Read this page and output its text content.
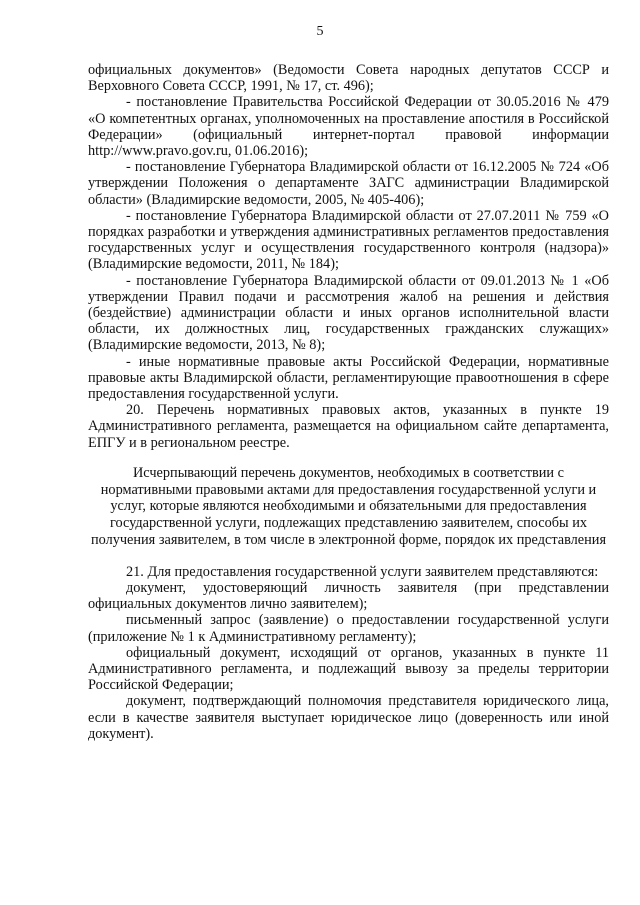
5

официальных документов» (Ведомости Совета народных депутатов СССР и Верховного Совета СССР, 1991, № 17, ст. 496);

- постановление Правительства Российской Федерации от 30.05.2016 № 479 «О компетентных органах, уполномоченных на проставление апостиля в Российской Федерации» (официальный интернет-портал правовой информации http://www.pravo.gov.ru, 01.06.2016);

- постановление Губернатора Владимирской области от 16.12.2005 № 724 «Об утверждении Положения о департаменте ЗАГС администрации Владимирской области» (Владимирские ведомости, 2005, № 405-406);

- постановление Губернатора Владимирской области от 27.07.2011 № 759 «О порядках разработки и утверждения административных регламентов предоставления государственных услуг и осуществления государственного контроля (надзора)» (Владимирские ведомости, 2011, № 184);

- постановление Губернатора Владимирской области от 09.01.2013 № 1 «Об утверждении Правил подачи и рассмотрения жалоб на решения и действия (бездействие) администрации области и иных органов исполнительной власти области, их должностных лиц, государственных гражданских служащих» (Владимирские ведомости, 2013, № 8);

- иные нормативные правовые акты Российской Федерации, нормативные правовые акты Владимирской области, регламентирующие правоотношения в сфере предоставления государственной услуги.

20. Перечень нормативных правовых актов, указанных в пункте 19 Административного регламента, размещается на официальном сайте департамента, ЕПГУ и в региональном реестре.

Исчерпывающий перечень документов, необходимых в соответствии с нормативными правовыми актами для предоставления государственной услуги и услуг, которые являются необходимыми и обязательными для предоставления государственной услуги, подлежащих представлению заявителем, способы их получения заявителем, в том числе в электронной форме, порядок их представления

21. Для предоставления государственной услуги заявителем представляются:

документ, удостоверяющий личность заявителя (при представлении официальных документов лично заявителем);

письменный запрос (заявление) о предоставлении государственной услуги (приложение № 1 к Административному регламенту);

официальный документ, исходящий от органов, указанных в пункте 11 Административного регламента, и подлежащий вывозу за пределы территории Российской Федерации;

документ, подтверждающий полномочия представителя юридического лица, если в качестве заявителя выступает юридическое лицо (доверенность или иной документ).
